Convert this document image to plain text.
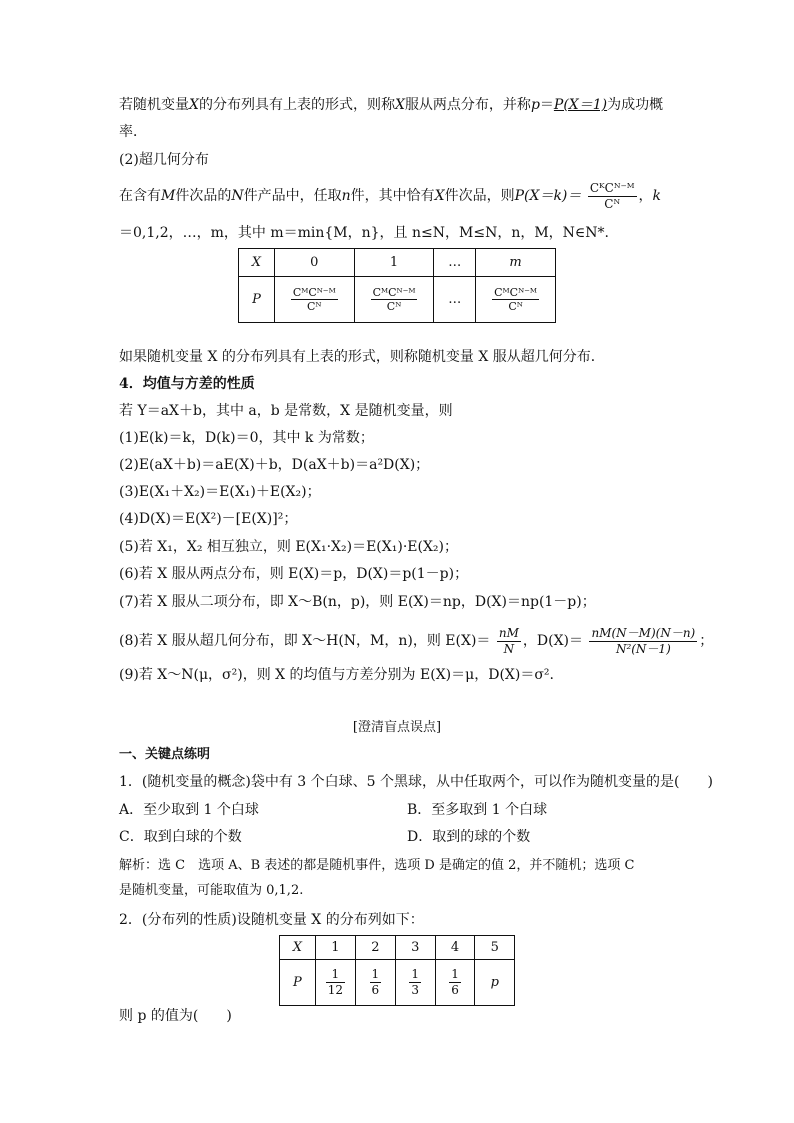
若随机变量X的分布列具有上表的形式，则称X服从两点分布，并称p＝P(X＝1)为成功概
率．
(2)超几何分布
在含有M件次品的N件产品中，任取n件，其中恰有X件次品，则$P(X=k)= \frac{\text{CᴷCᴺ⁻ᴹ}}{\text{Cᴺ}}$ ，k
＝0,1,2，…，m，其中 m＝min{M，n}，且 n≤N，M≤N，n，M，N∈N*.
X	0	1	…	m
P	$\frac{\text{CᴹCᴺ⁻ᴹ}}{\text{Cᴺ}}$	$\frac{\text{CᴹCᴺ⁻ᴹ}}{\text{Cᴺ}}$	…	$\frac{\text{CᴹCᴺ⁻ᴹ}}{\text{Cᴺ}}$
如果随机变量 X 的分布列具有上表的形式，则称随机变量 X 服从超几何分布．
4．均值与方差的性质
若 Y＝aX＋b，其中 a，b 是常数，X 是随机变量，则
(1)E(k)＝k，D(k)＝0，其中 k 为常数；
(2)E(aX＋b)＝aE(X)＋b，D(aX＋b)＝a²D(X)；
(3)E(X₁＋X₂)＝E(X₁)＋E(X₂)；
(4)D(X)＝E(X²)－[E(X)]²；
(5)若 X₁，X₂ 相互独立，则 E(X₁·X₂)＝E(X₁)·E(X₂)；
(6)若 X 服从两点分布，则 E(X)＝p，D(X)＝p(1－p)；
(7)若 X 服从二项分布，即 X～B(n，p)，则 E(X)＝np，D(X)＝np(1－p)；
(8)若 X 服从超几何分布，即 X～H(N，M，n)，则 $E(X)= \frac{nM}{N}$ ，$D(X)= \frac{nM(N-M)(N-n)}{\text{N²(N－1)}}$ ；
(9)若 X～N(μ，σ²)，则 X 的均值与方差分别为 E(X)＝μ，D(X)＝σ².
[澄清盲点误点]
一、关键点练明
1．(随机变量的概念)袋中有 3 个白球、5 个黑球，从中任取两个，可以作为随机变量的是(　　)
A．至少取到 1 个白球	B．至多取到 1 个白球
C．取到白球的个数	D．取到的球的个数
解析：选 C　选项 A、B 表述的都是随机事件，选项 D 是确定的值 2，并不随机；选项 C
是随机变量，可能取值为 0,1,2.
2．(分布列的性质)设随机变量 X 的分布列如下：
X	1	2	3	4	5
P	$\frac{1}{12}$	$\frac{1}{6}$	$\frac{1}{3}$	$\frac{1}{6}$	p
则 p 的值为(　　)
